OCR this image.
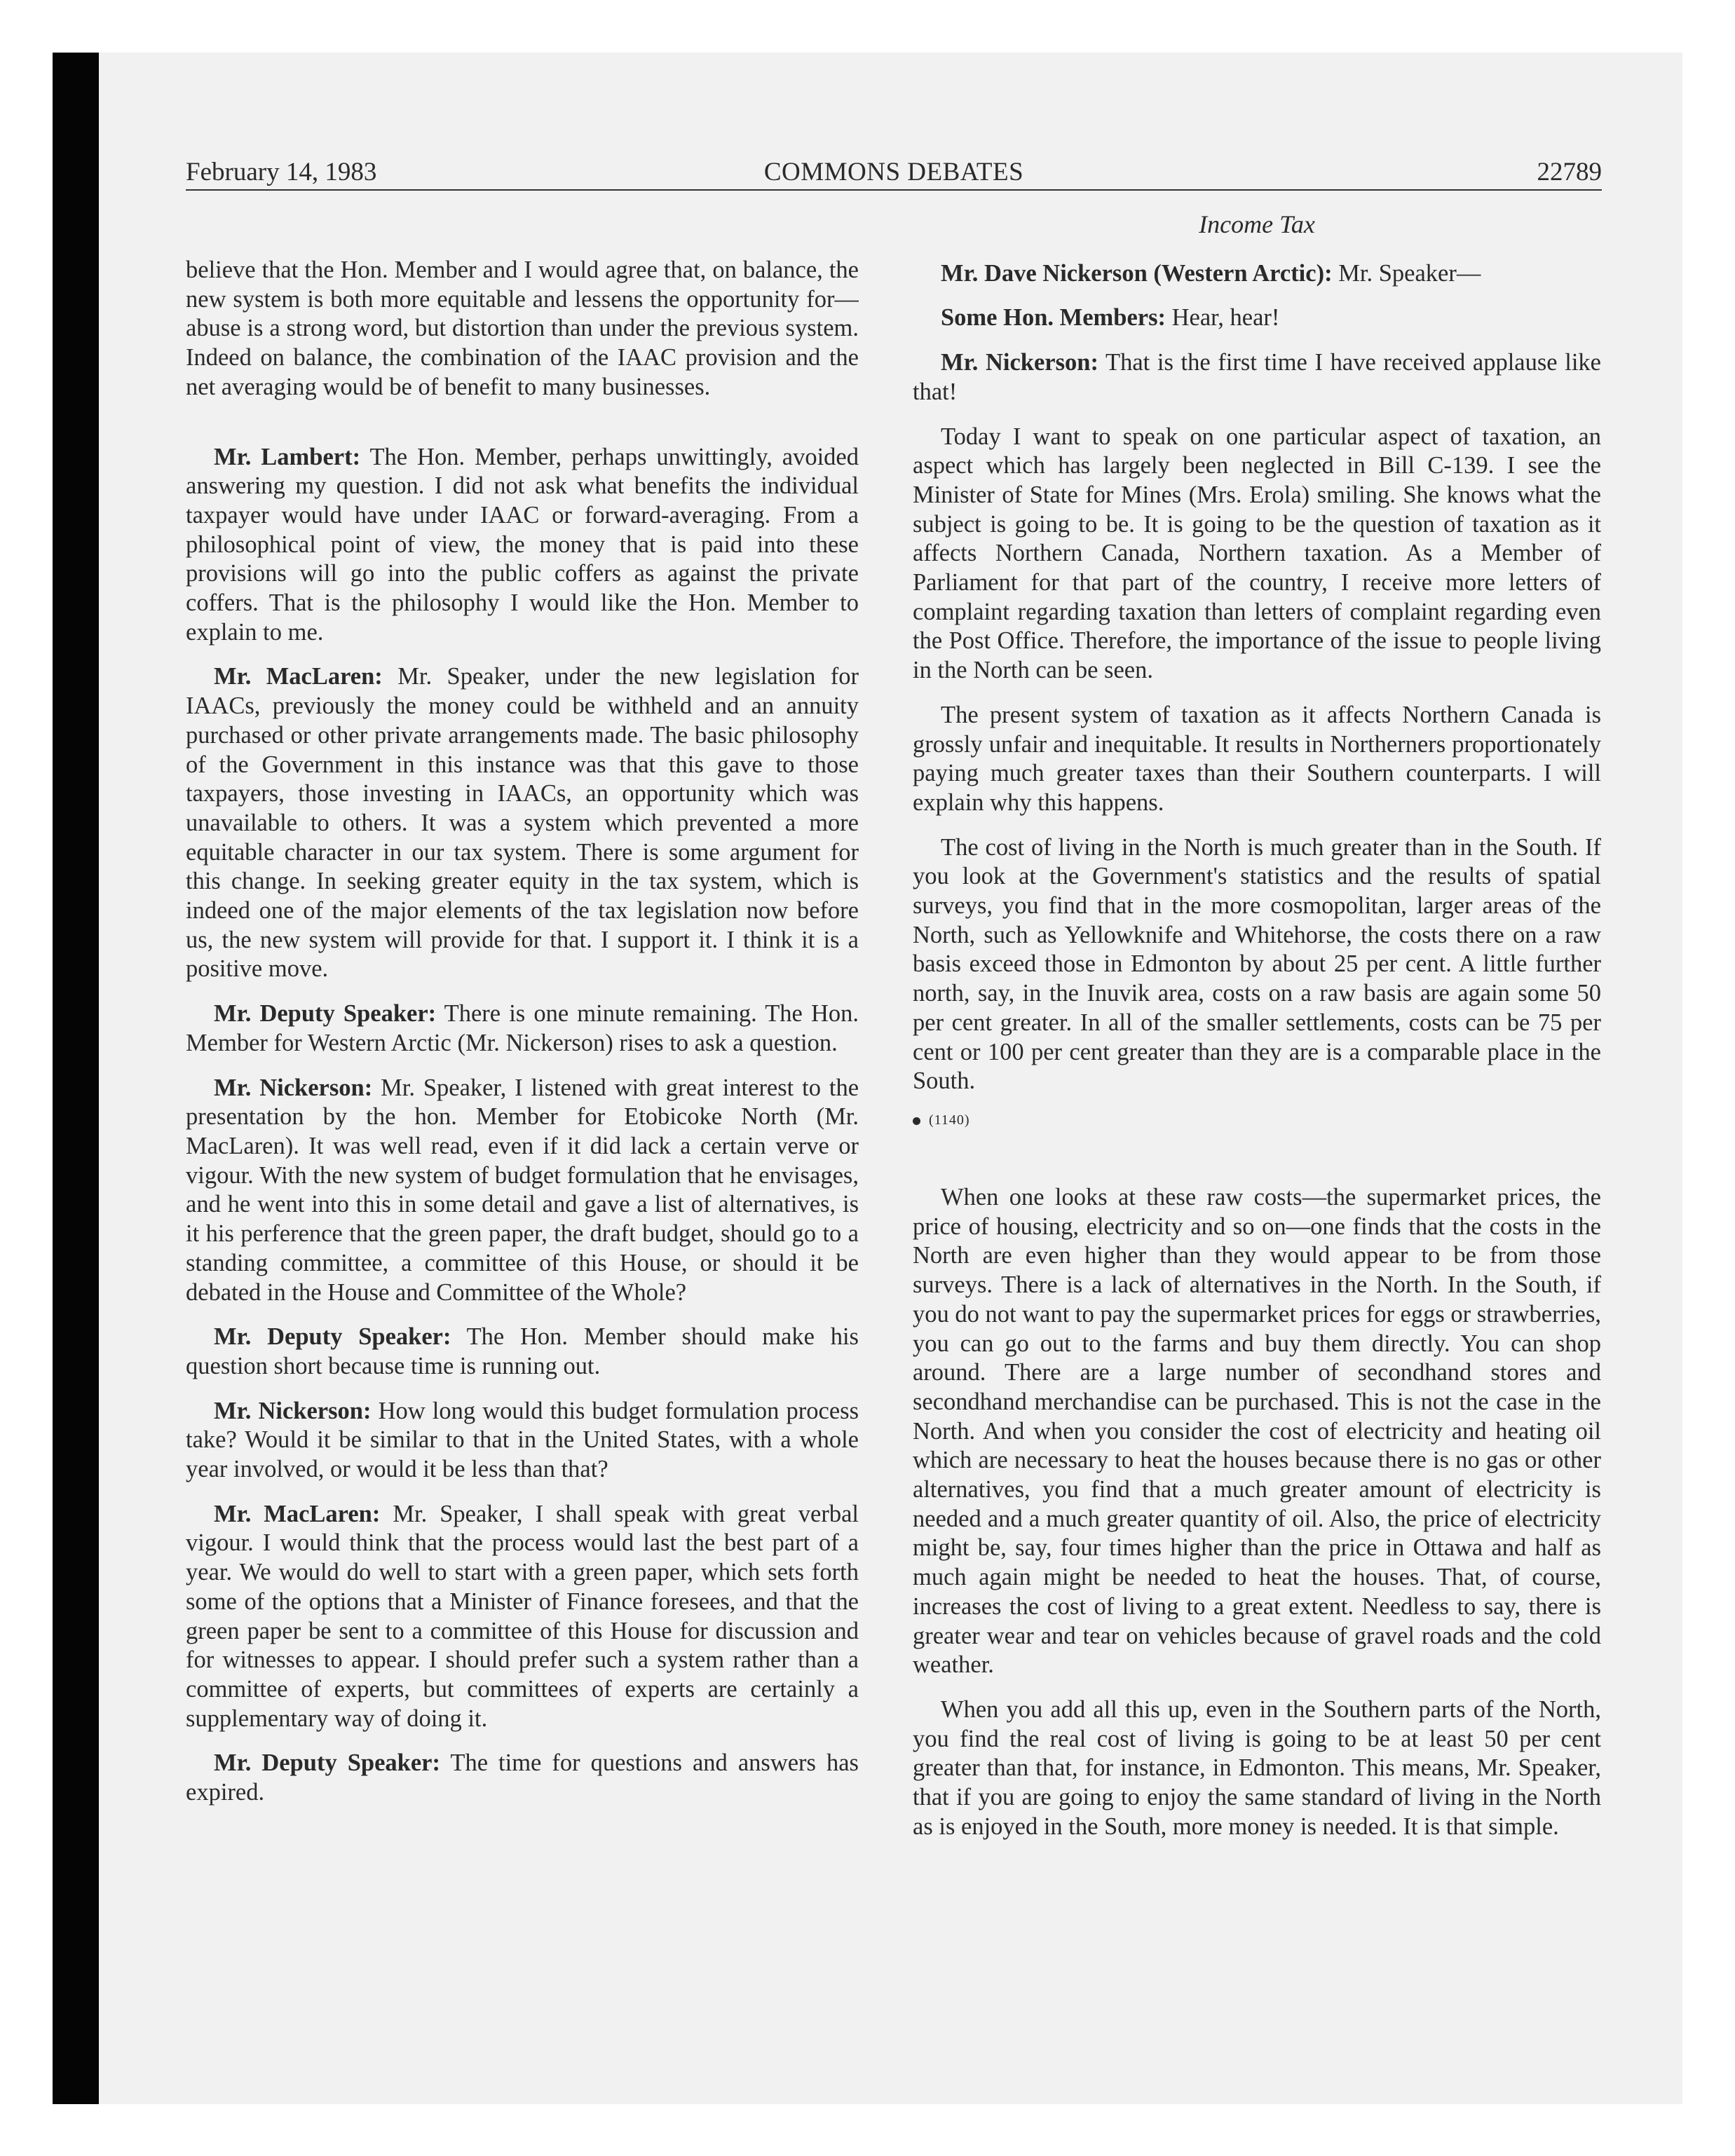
February 14, 1983	COMMONS DEBATES	22789

believe that the Hon. Member and I would agree that, on balance, the new system is both more equitable and lessens the opportunity for—abuse is a strong word, but distortion than under the previous system. Indeed on balance, the combination of the IAAC provision and the net averaging would be of benefit to many businesses.

Mr. Lambert: The Hon. Member, perhaps unwittingly, avoided answering my question. I did not ask what benefits the individual taxpayer would have under IAAC or forward-averaging. From a philosophical point of view, the money that is paid into these provisions will go into the public coffers as against the private coffers. That is the philosophy I would like the Hon. Member to explain to me.

Mr. MacLaren: Mr. Speaker, under the new legislation for IAACs, previously the money could be withheld and an annuity purchased or other private arrangements made. The basic philosophy of the Government in this instance was that this gave to those taxpayers, those investing in IAACs, an opportunity which was unavailable to others. It was a system which prevented a more equitable character in our tax system. There is some argument for this change. In seeking greater equity in the tax system, which is indeed one of the major elements of the tax legislation now before us, the new system will provide for that. I support it. I think it is a positive move.

Mr. Deputy Speaker: There is one minute remaining. The Hon. Member for Western Arctic (Mr. Nickerson) rises to ask a question.

Mr. Nickerson: Mr. Speaker, I listened with great interest to the presentation by the hon. Member for Etobicoke North (Mr. MacLaren). It was well read, even if it did lack a certain verve or vigour. With the new system of budget formulation that he envisages, and he went into this in some detail and gave a list of alternatives, is it his perference that the green paper, the draft budget, should go to a standing committee, a committee of this House, or should it be debated in the House and Committee of the Whole?

Mr. Deputy Speaker: The Hon. Member should make his question short because time is running out.

Mr. Nickerson: How long would this budget formulation process take? Would it be similar to that in the United States, with a whole year involved, or would it be less than that?

Mr. MacLaren: Mr. Speaker, I shall speak with great verbal vigour. I would think that the process would last the best part of a year. We would do well to start with a green paper, which sets forth some of the options that a Minister of Finance foresees, and that the green paper be sent to a committee of this House for discussion and for witnesses to appear. I should prefer such a system rather than a committee of experts, but committees of experts are certainly a supplementary way of doing it.

Mr. Deputy Speaker: The time for questions and answers has expired.

Income Tax

Mr. Dave Nickerson (Western Arctic): Mr. Speaker—

Some Hon. Members: Hear, hear!

Mr. Nickerson: That is the first time I have received applause like that!

Today I want to speak on one particular aspect of taxation, an aspect which has largely been neglected in Bill C-139. I see the Minister of State for Mines (Mrs. Erola) smiling. She knows what the subject is going to be. It is going to be the question of taxation as it affects Northern Canada, Northern taxation. As a Member of Parliament for that part of the country, I receive more letters of complaint regarding taxation than letters of complaint regarding even the Post Office. Therefore, the importance of the issue to people living in the North can be seen.

The present system of taxation as it affects Northern Canada is grossly unfair and inequitable. It results in Northerners proportionately paying much greater taxes than their Southern counterparts. I will explain why this happens.

The cost of living in the North is much greater than in the South. If you look at the Government's statistics and the results of spatial surveys, you find that in the more cosmopolitan, larger areas of the North, such as Yellowknife and Whitehorse, the costs there on a raw basis exceed those in Edmonton by about 25 per cent. A little further north, say, in the Inuvik area, costs on a raw basis are again some 50 per cent greater. In all of the smaller settlements, costs can be 75 per cent or 100 per cent greater than they are is a comparable place in the South.

(1140)

When one looks at these raw costs—the supermarket prices, the price of housing, electricity and so on—one finds that the costs in the North are even higher than they would appear to be from those surveys. There is a lack of alternatives in the North. In the South, if you do not want to pay the supermarket prices for eggs or strawberries, you can go out to the farms and buy them directly. You can shop around. There are a large number of secondhand stores and secondhand merchandise can be purchased. This is not the case in the North. And when you consider the cost of electricity and heating oil which are necessary to heat the houses because there is no gas or other alternatives, you find that a much greater amount of electricity is needed and a much greater quantity of oil. Also, the price of electricity might be, say, four times higher than the price in Ottawa and half as much again might be needed to heat the houses. That, of course, increases the cost of living to a great extent. Needless to say, there is greater wear and tear on vehicles because of gravel roads and the cold weather.

When you add all this up, even in the Southern parts of the North, you find the real cost of living is going to be at least 50 per cent greater than that, for instance, in Edmonton. This means, Mr. Speaker, that if you are going to enjoy the same standard of living in the North as is enjoyed in the South, more money is needed. It is that simple.
